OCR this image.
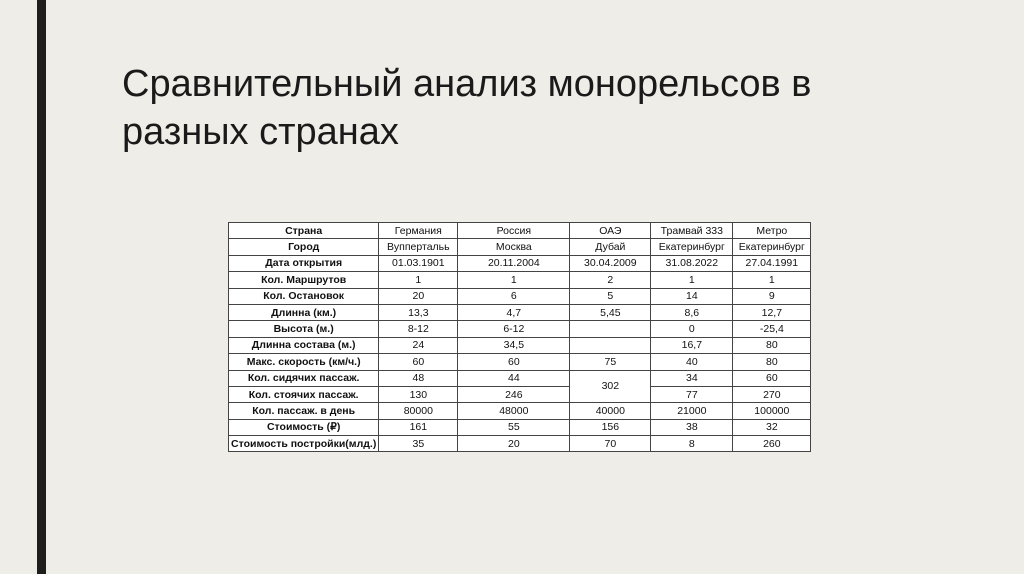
Сравнительный анализ монорельсов в разных странах
Страна	Германия	Россия	ОАЭ	Трамвай 333	Метро
Город	Вуппертальь	Москва	Дубай	Екатеринбург	Екатеринбург
Дата открытия	01.03.1901	20.11.2004	30.04.2009	31.08.2022	27.04.1991
Кол. Маршрутов	1	1	2	1	1
Кол. Остановок	20	6	5	14	9
Длинна (км.)	13,3	4,7	5,45	8,6	12,7
Высота (м.)	8-12	6-12		0	-25,4
Длинна состава (м.)	24	34,5		16,7	80
Макс. скорость (км/ч.)	60	60	75	40	80
Кол. сидячих пассаж.	48	44	302	34	60
Кол. стоячих пассаж.	130	246		77	270
Кол. пассаж. в день	80000	48000	40000	21000	100000
Стоимость (₽)	161	55	156	38	32
Стоимость постройки(млд.)	35	20	70	8	260
